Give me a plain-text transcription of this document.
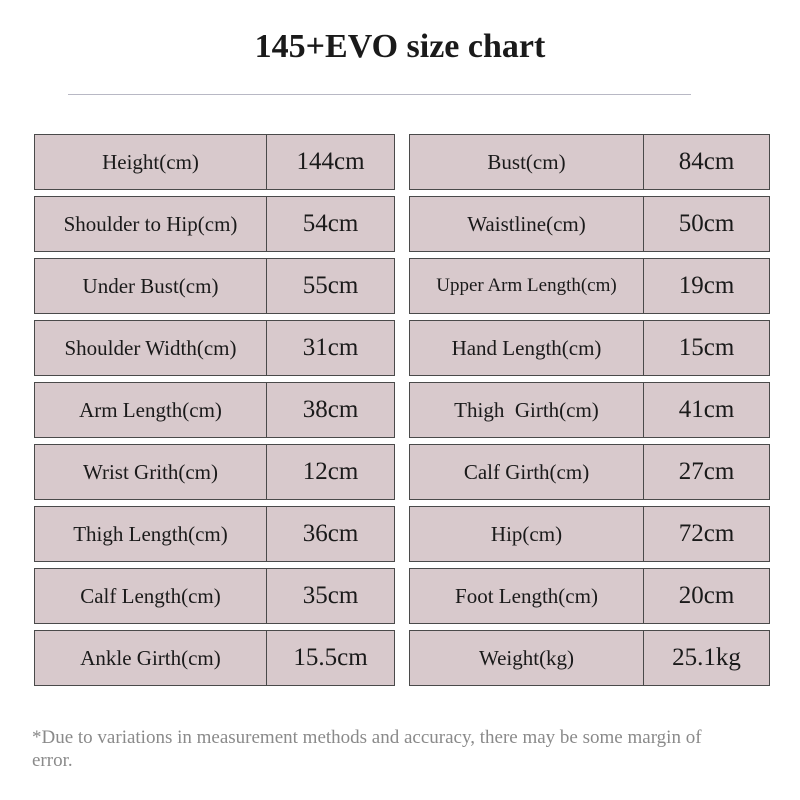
145+EVO size chart
Height(cm)	144cm
Shoulder to Hip(cm)	54cm
Under Bust(cm)	55cm
Shoulder Width(cm)	31cm
Arm Length(cm)	38cm
Wrist Grith(cm)	12cm
Thigh Length(cm)	36cm
Calf Length(cm)	35cm
Ankle Girth(cm)	15.5cm
Bust(cm)	84cm
Waistline(cm)	50cm
Upper Arm Length(cm)	19cm
Hand Length(cm)	15cm
Thigh  Girth(cm)	41cm
Calf Girth(cm)	27cm
Hip(cm)	72cm
Foot Length(cm)	20cm
Weight(kg)	25.1kg

*Due to variations in measurement methods and accuracy, there may be some margin of error.
